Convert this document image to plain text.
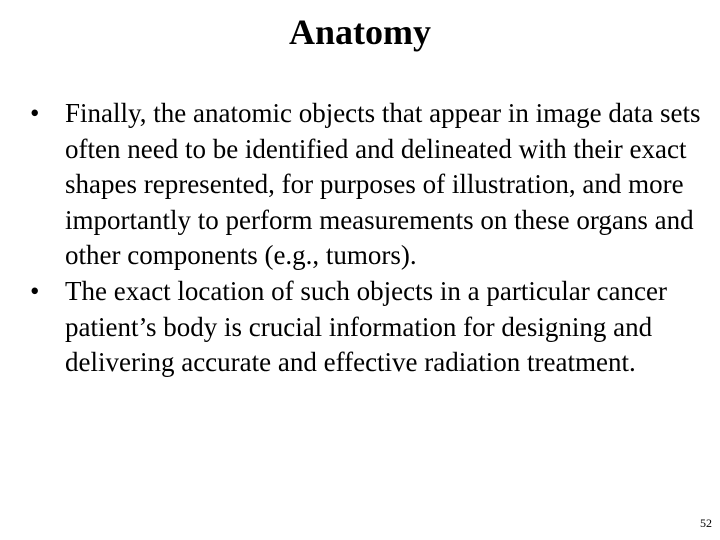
Anatomy
• Finally, the anatomic objects that appear in image data sets often need to be identified and delineated with their exact shapes represented, for purposes of illustration, and more importantly to perform measurements on these organs and other components (e.g., tumors).
• The exact location of such objects in a particular cancer patient’s body is crucial information for designing and delivering accurate and effective radiation treatment.
52
